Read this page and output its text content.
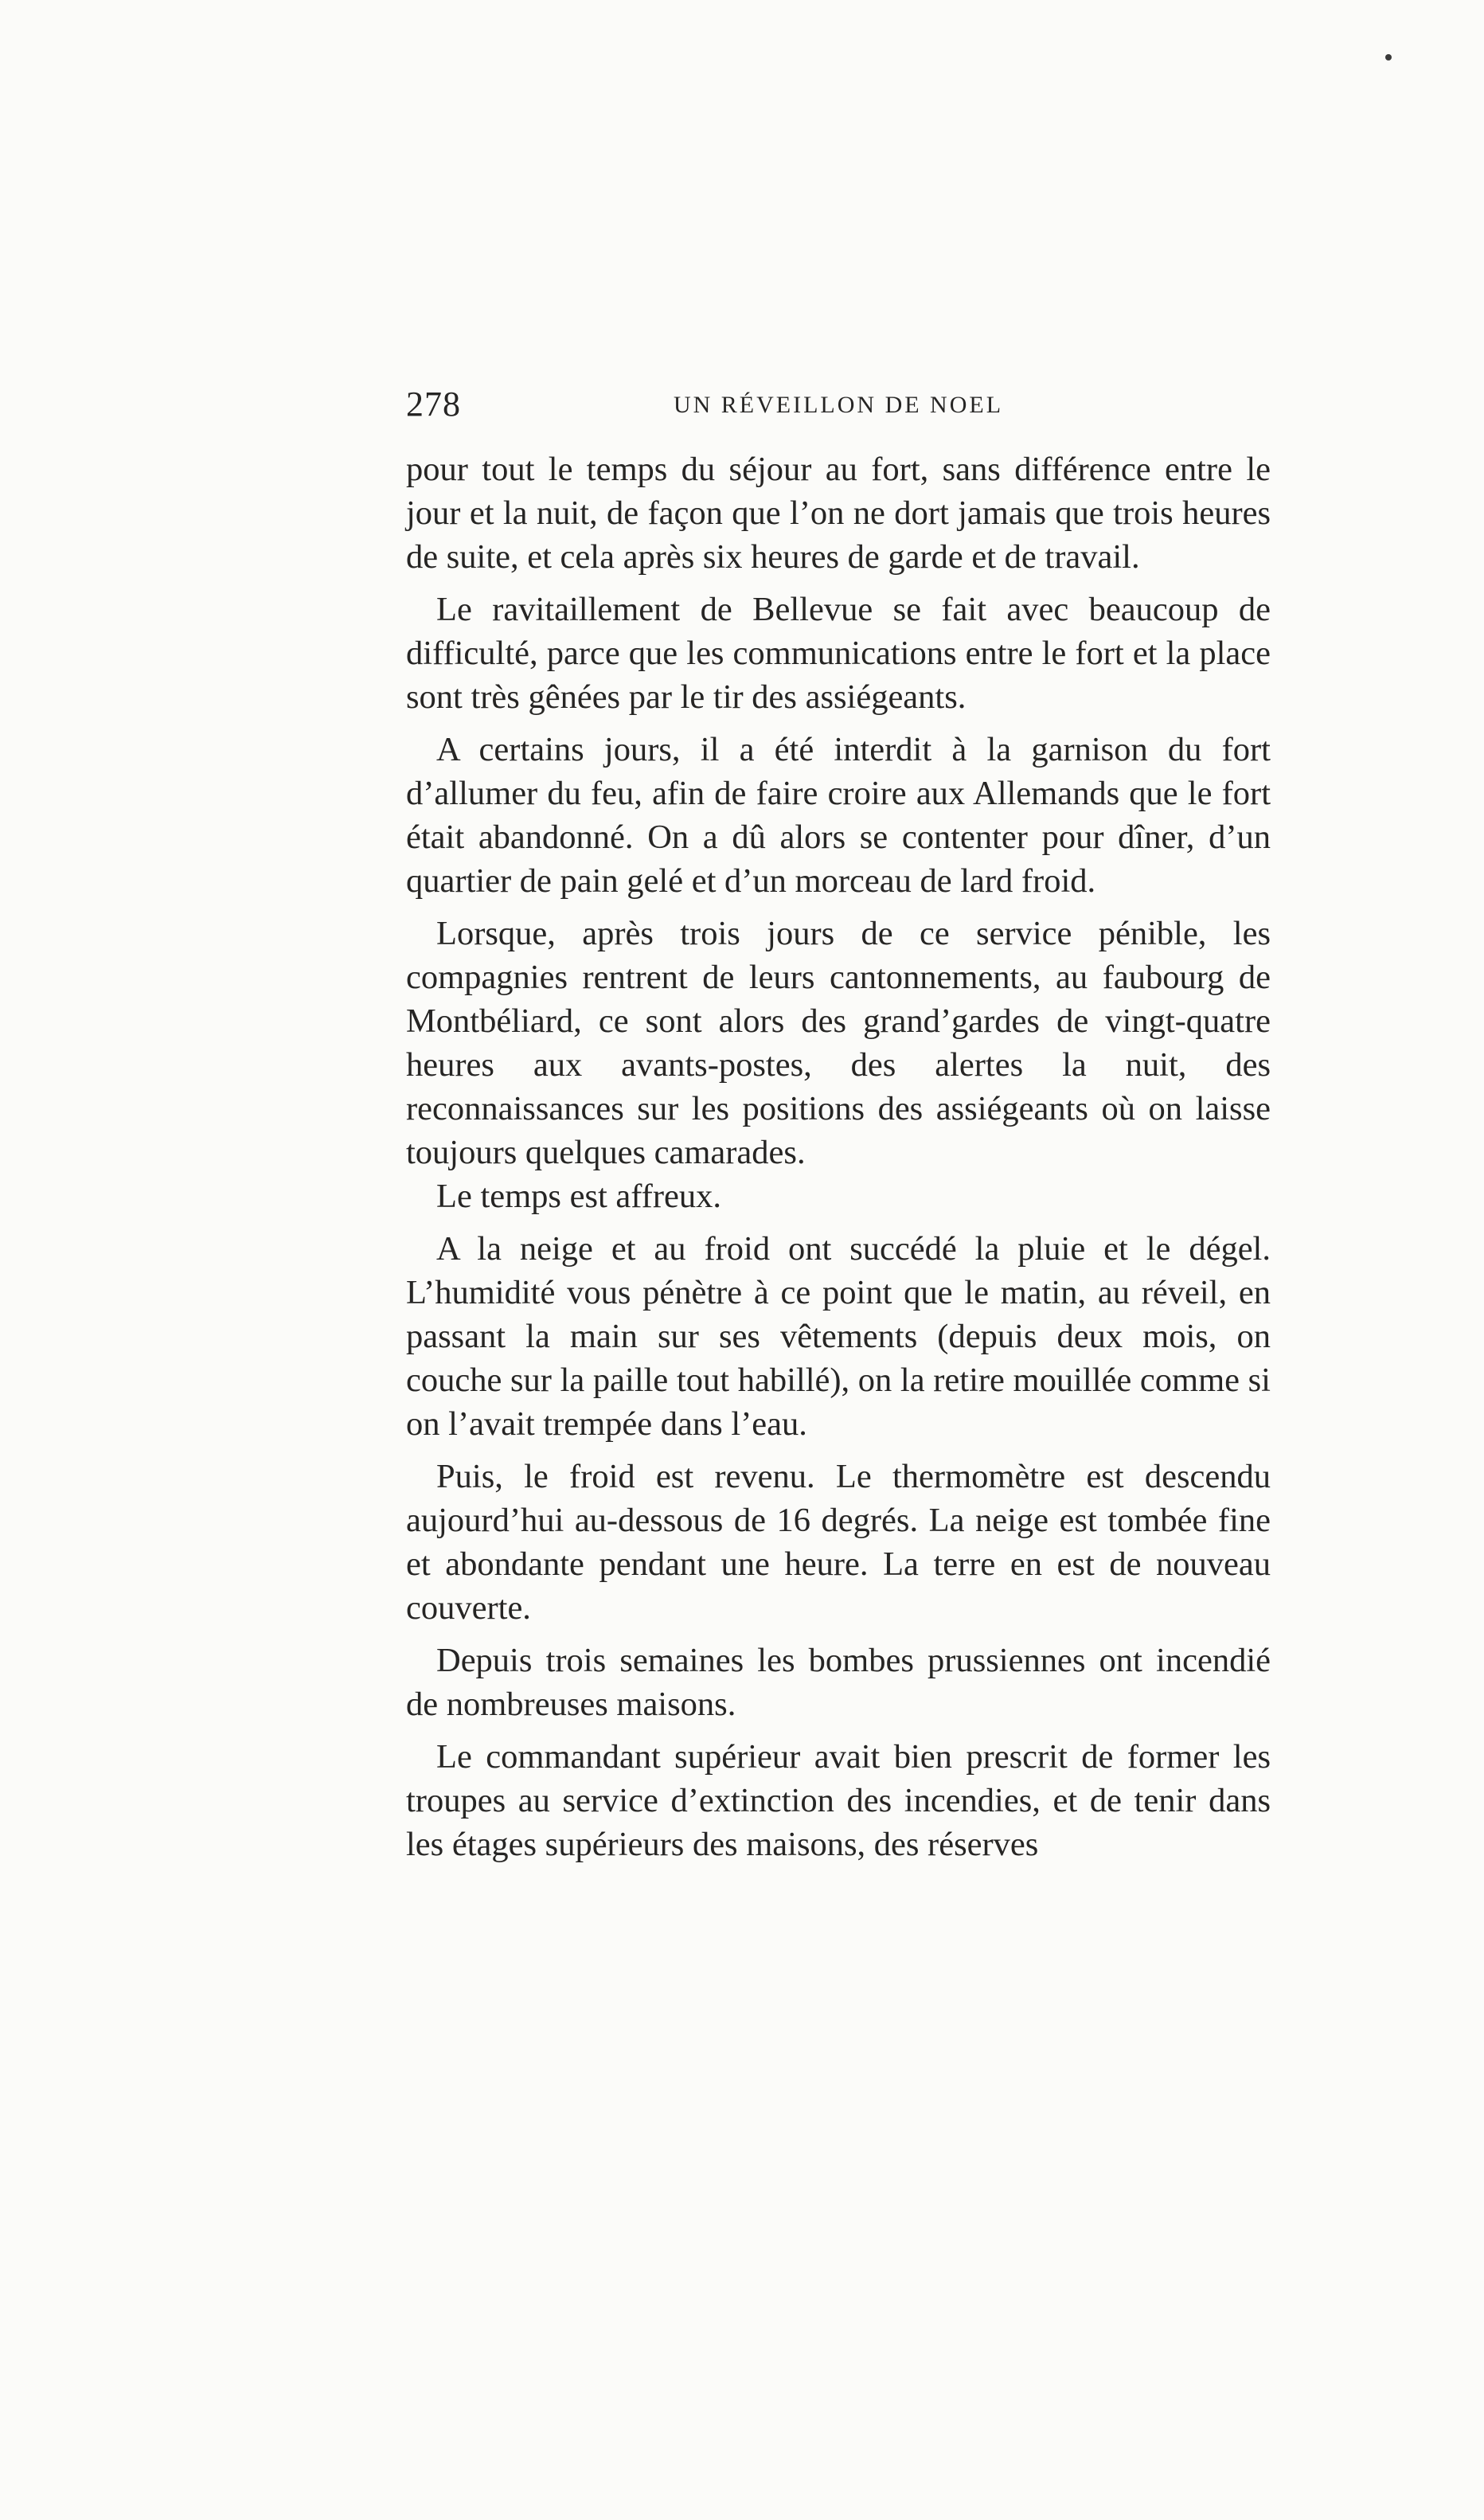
278	UN RÉVEILLON DE NOEL

pour tout le temps du séjour au fort, sans différence entre le jour et la nuit, de façon que l’on ne dort jamais que trois heures de suite, et cela après six heures de garde et de travail.

Le ravitaillement de Bellevue se fait avec beaucoup de difficulté, parce que les communications entre le fort et la place sont très gênées par le tir des assiégeants.

A certains jours, il a été interdit à la garnison du fort d’allumer du feu, afin de faire croire aux Allemands que le fort était abandonné. On a dû alors se contenter pour dîner, d’un quartier de pain gelé et d’un morceau de lard froid.

Lorsque, après trois jours de ce service pénible, les compagnies rentrent de leurs cantonnements, au faubourg de Montbéliard, ce sont alors des grand’gardes de vingt-quatre heures aux avants-postes, des alertes la nuit, des reconnaissances sur les positions des assiégeants où on laisse toujours quelques camarades.

Le temps est affreux.

A la neige et au froid ont succédé la pluie et le dégel. L’humidité vous pénètre à ce point que le matin, au réveil, en passant la main sur ses vêtements (depuis deux mois, on couche sur la paille tout habillé), on la retire mouillée comme si on l’avait trempée dans l’eau.

Puis, le froid est revenu. Le thermomètre est descendu aujourd’hui au-dessous de 16 degrés. La neige est tombée fine et abondante pendant une heure. La terre en est de nouveau couverte.

Depuis trois semaines les bombes prussiennes ont incendié de nombreuses maisons.

Le commandant supérieur avait bien prescrit de former les troupes au service d’extinction des incendies, et de tenir dans les étages supérieurs des maisons, des réserves
